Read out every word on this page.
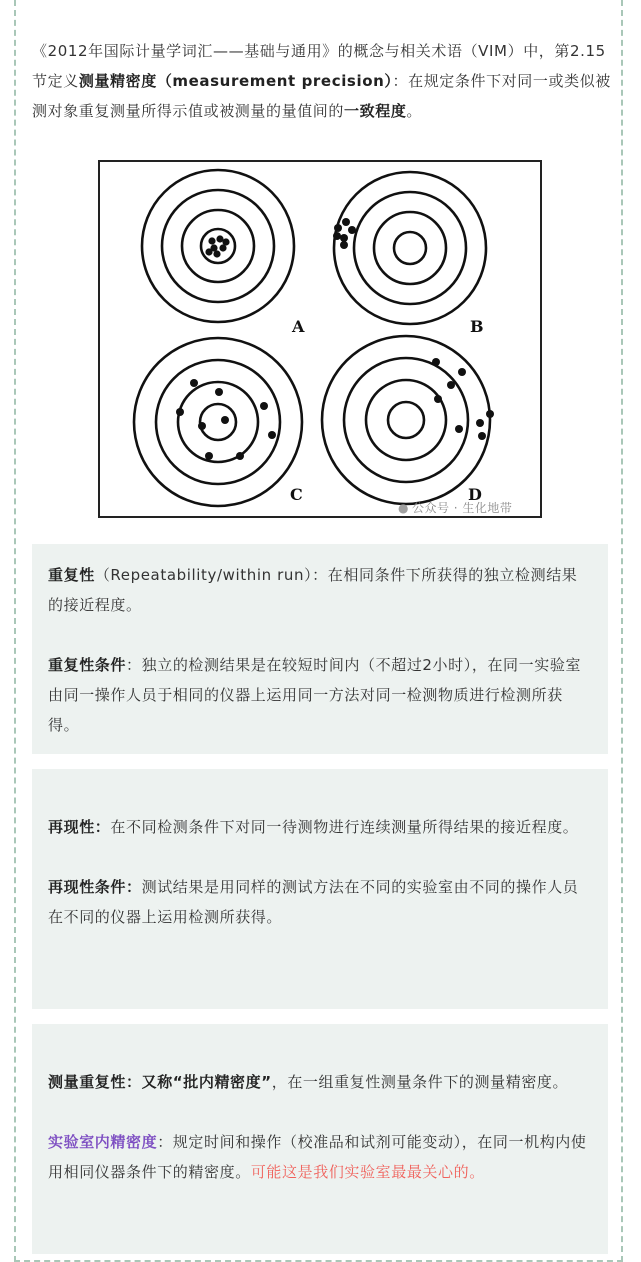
《2012年国际计量学词汇——基础与通用》的概念与相关术语（VIM）中，第2.15节定义测量精密度（measurement precision）：在规定条件下对同一或类似被测对象重复测量所得示值或被测量的量值间的一致程度。
A	B
C	D
● 公众号 · 生化地带

重复性（Repeatability/within run）：在相同条件下所获得的独立检测结果的接近程度。

重复性条件：独立的检测结果是在较短时间内（不超过2小时），在同一实验室由同一操作人员于相同的仪器上运用同一方法对同一检测物质进行检测所获得。

再现性：在不同检测条件下对同一待测物进行连续测量所得结果的接近程度。

再现性条件：测试结果是用同样的测试方法在不同的实验室由不同的操作人员在不同的仪器上运用检测所获得。

测量重复性：又称“批内精密度”，在一组重复性测量条件下的测量精密度。

实验室内精密度：规定时间和操作（校准品和试剂可能变动），在同一机构内使用相同仪器条件下的精密度。可能这是我们实验室最最关心的。
